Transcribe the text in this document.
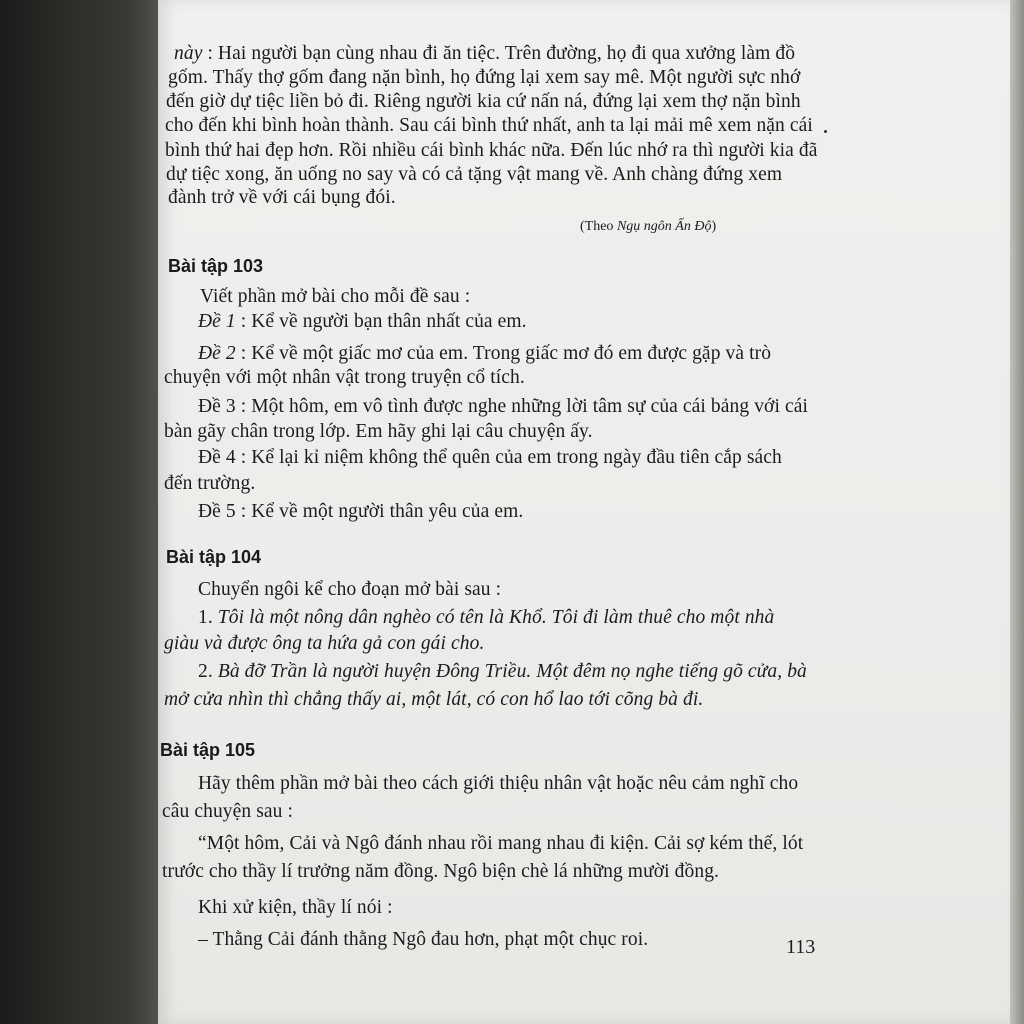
này : Hai người bạn cùng nhau đi ăn tiệc. Trên đường, họ đi qua xưởng làm đồ
gốm. Thấy thợ gốm đang nặn bình, họ đứng lại xem say mê. Một người sực nhớ
đến giờ dự tiệc liền bỏ đi. Riêng người kia cứ nấn ná, đứng lại xem thợ nặn bình
cho đến khi bình hoàn thành. Sau cái bình thứ nhất, anh ta lại mải mê xem nặn cái
bình thứ hai đẹp hơn. Rồi nhiều cái bình khác nữa. Đến lúc nhớ ra thì người kia đã
dự tiệc xong, ăn uống no say và có cả tặng vật mang về. Anh chàng đứng xem
đành trở về với cái bụng đói.
(Theo Ngụ ngôn Ấn Độ)
Bài tập 103
Viết phần mở bài cho mỗi đề sau :
Đề 1 : Kể về người bạn thân nhất của em.
Đề 2 : Kể về một giấc mơ của em. Trong giấc mơ đó em được gặp và trò
chuyện với một nhân vật trong truyện cổ tích.
Đề 3 : Một hôm, em vô tình được nghe những lời tâm sự của cái bảng với cái
bàn gãy chân trong lớp. Em hãy ghi lại câu chuyện ấy.
Đề 4 : Kể lại kỉ niệm không thể quên của em trong ngày đầu tiên cắp sách
đến trường.
Đề 5 : Kể về một người thân yêu của em.
Bài tập 104
Chuyển ngôi kể cho đoạn mở bài sau :
1. Tôi là một nông dân nghèo có tên là Khổ. Tôi đi làm thuê cho một nhà
giàu và được ông ta hứa gả con gái cho.
2. Bà đỡ Trần là người huyện Đông Triều. Một đêm nọ nghe tiếng gõ cửa, bà
mở cửa nhìn thì chẳng thấy ai, một lát, có con hổ lao tới cõng bà đi.
Bài tập 105
Hãy thêm phần mở bài theo cách giới thiệu nhân vật hoặc nêu cảm nghĩ cho
câu chuyện sau :
“Một hôm, Cải và Ngô đánh nhau rồi mang nhau đi kiện. Cải sợ kém thế, lót
trước cho thầy lí trưởng năm đồng. Ngô biện chè lá những mười đồng.
Khi xử kiện, thầy lí nói :
– Thằng Cải đánh thằng Ngô đau hơn, phạt một chục roi.	113
